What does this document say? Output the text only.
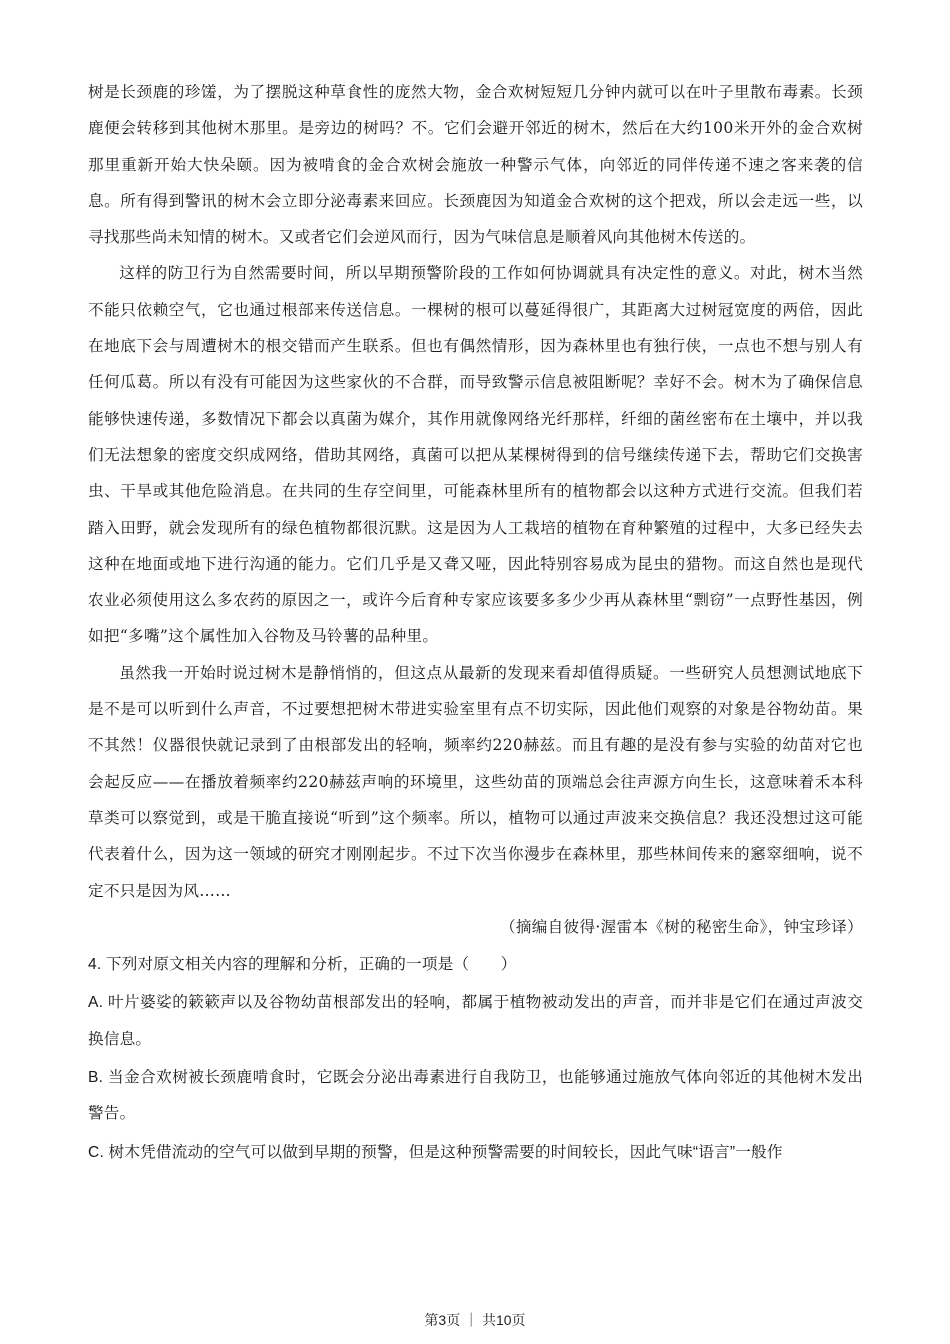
树是长颈鹿的珍馐，为了摆脱这种草食性的庞然大物，金合欢树短短几分钟内就可以在叶子里散布毒素。长颈鹿便会转移到其他树木那里。是旁边的树吗？不。它们会避开邻近的树木，然后在大约100米开外的金合欢树那里重新开始大快朵颐。因为被啃食的金合欢树会施放一种警示气体，向邻近的同伴传递不速之客来袭的信息。所有得到警讯的树木会立即分泌毒素来回应。长颈鹿因为知道金合欢树的这个把戏，所以会走远一些，以寻找那些尚未知情的树木。又或者它们会逆风而行，因为气味信息是顺着风向其他树木传送的。

这样的防卫行为自然需要时间，所以早期预警阶段的工作如何协调就具有决定性的意义。对此，树木当然不能只依赖空气，它也通过根部来传送信息。一棵树的根可以蔓延得很广，其距离大过树冠宽度的两倍，因此在地底下会与周遭树木的根交错而产生联系。但也有偶然情形，因为森林里也有独行侠，一点也不想与别人有任何瓜葛。所以有没有可能因为这些家伙的不合群，而导致警示信息被阻断呢？幸好不会。树木为了确保信息能够快速传递，多数情况下都会以真菌为媒介，其作用就像网络光纤那样，纤细的菌丝密布在土壤中，并以我们无法想象的密度交织成网络，借助其网络，真菌可以把从某棵树得到的信号继续传递下去，帮助它们交换害虫、干旱或其他危险消息。在共同的生存空间里，可能森林里所有的植物都会以这种方式进行交流。但我们若踏入田野，就会发现所有的绿色植物都很沉默。这是因为人工栽培的植物在育种繁殖的过程中，大多已经失去这种在地面或地下进行沟通的能力。它们几乎是又聋又哑，因此特别容易成为昆虫的猎物。而这自然也是现代农业必须使用这么多农药的原因之一，或许今后育种专家应该要多多少少再从森林里“剽窃”一点野性基因，例如把“多嘴”这个属性加入谷物及马铃薯的品种里。

虽然我一开始时说过树木是静悄悄的，但这点从最新的发现来看却值得质疑。一些研究人员想测试地底下是不是可以听到什么声音，不过要想把树木带进实验室里有点不切实际，因此他们观察的对象是谷物幼苗。果不其然！仪器很快就记录到了由根部发出的轻响，频率约220赫兹。而且有趣的是没有参与实验的幼苗对它也会起反应——在播放着频率约220赫兹声响的环境里，这些幼苗的顶端总会往声源方向生长，这意味着禾本科草类可以察觉到，或是干脆直接说“听到”这个频率。所以，植物可以通过声波来交换信息？我还没想过这可能代表着什么，因为这一领域的研究才刚刚起步。不过下次当你漫步在森林里，那些林间传来的窸窣细响，说不定不只是因为风……

（摘编自彼得·渥雷本《树的秘密生命》，钟宝珍译）

4. 下列对原文相关内容的理解和分析，正确的一项是（　　）

A. 叶片婆娑的簌簌声以及谷物幼苗根部发出的轻响，都属于植物被动发出的声音，而并非是它们在通过声波交换信息。

B. 当金合欢树被长颈鹿啃食时，它既会分泌出毒素进行自我防卫，也能够通过施放气体向邻近的其他树木发出警告。

C. 树木凭借流动的空气可以做到早期的预警，但是这种预警需要的时间较长，因此气味“语言”一般作

第3页 ｜ 共10页
